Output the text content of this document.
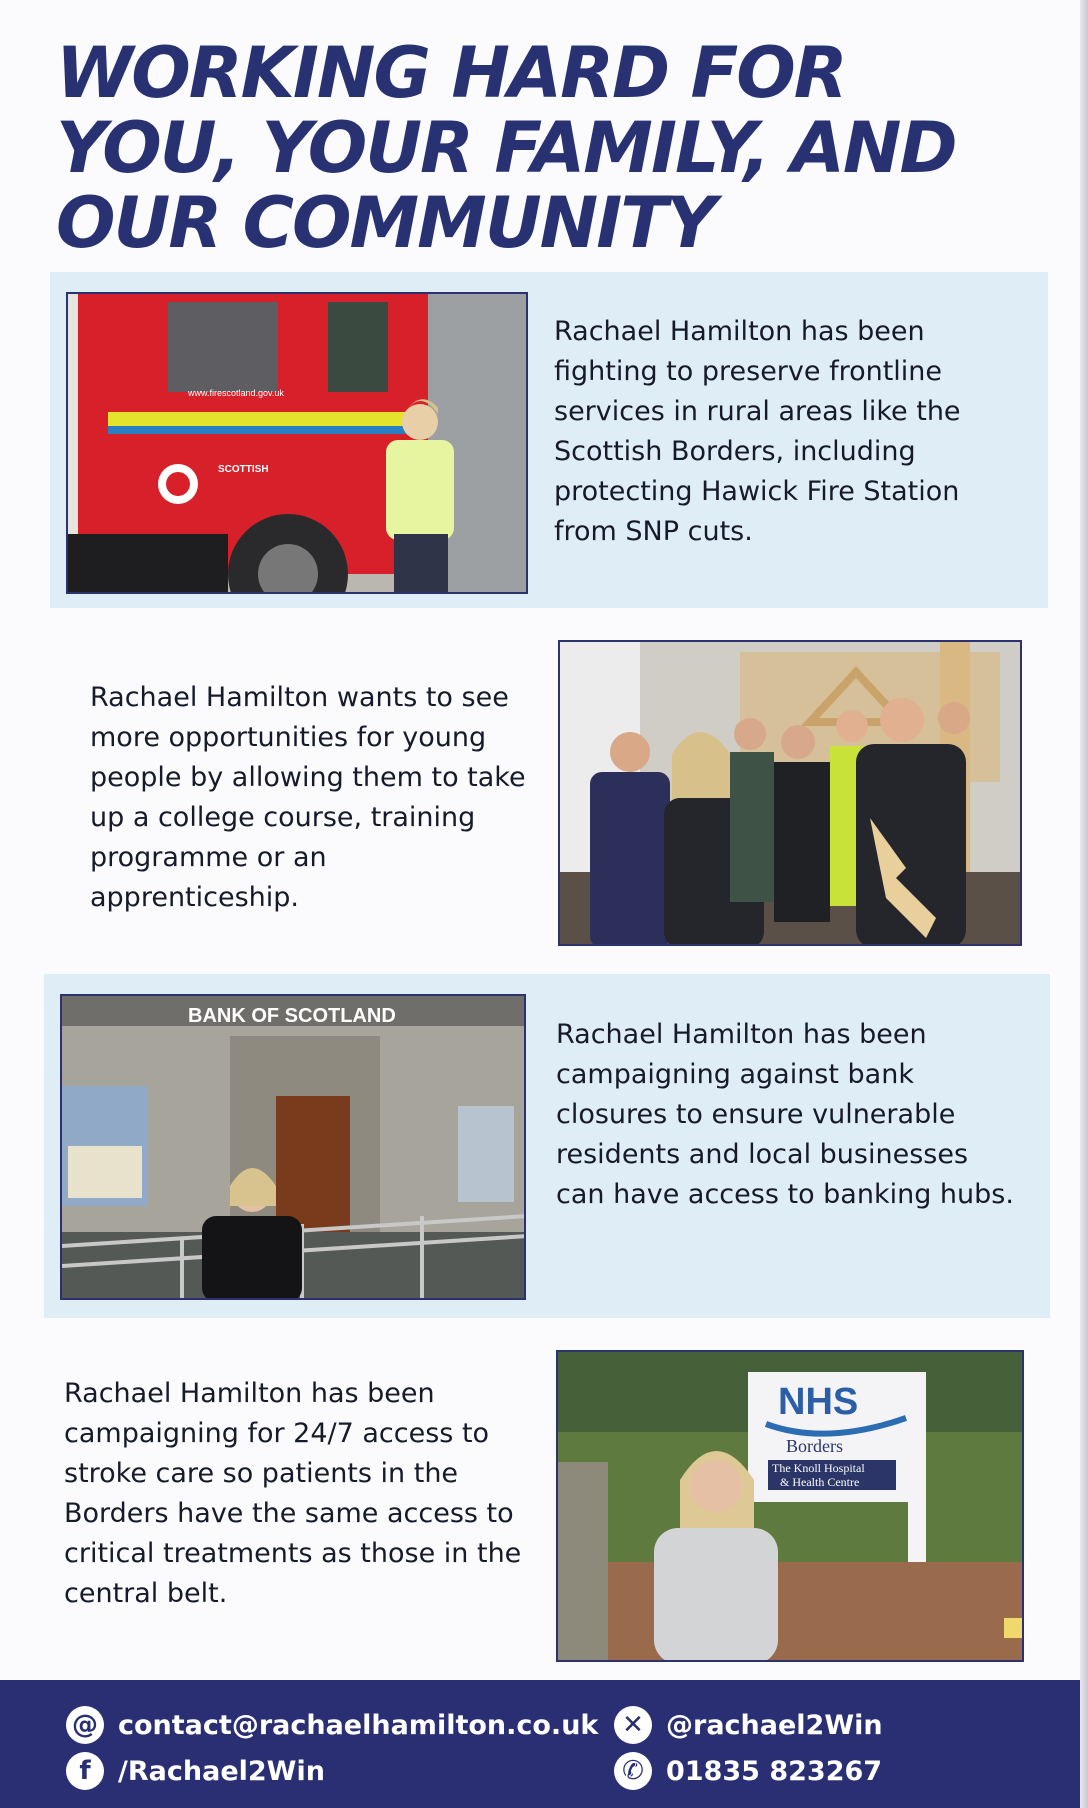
WORKING HARD FOR
YOU, YOUR FAMILY, AND
OUR COMMUNITY
www.firescotland.gov.uk
SCOTTISH

Rachael Hamilton has been fighting to preserve frontline services in rural areas like the Scottish Borders, including protecting Hawick Fire Station from SNP cuts.

Rachael Hamilton wants to see more opportunities for young people by allowing them to take up a college course, training programme or an apprenticeship.

BANK OF SCOTLAND

Rachael Hamilton has been campaigning against bank closures to ensure vulnerable residents and local businesses can have access to banking hubs.

Rachael Hamilton has been campaigning for 24/7 access to stroke care so patients in the Borders have the same access to critical treatments as those in the central belt.

NHS
Borders
The Knoll Hospital
& Health Centre
@ contact@rachaelhamilton.co.uk
f	/Rachael2Win
✕ @rachael2Win
✆ 01835 823267
